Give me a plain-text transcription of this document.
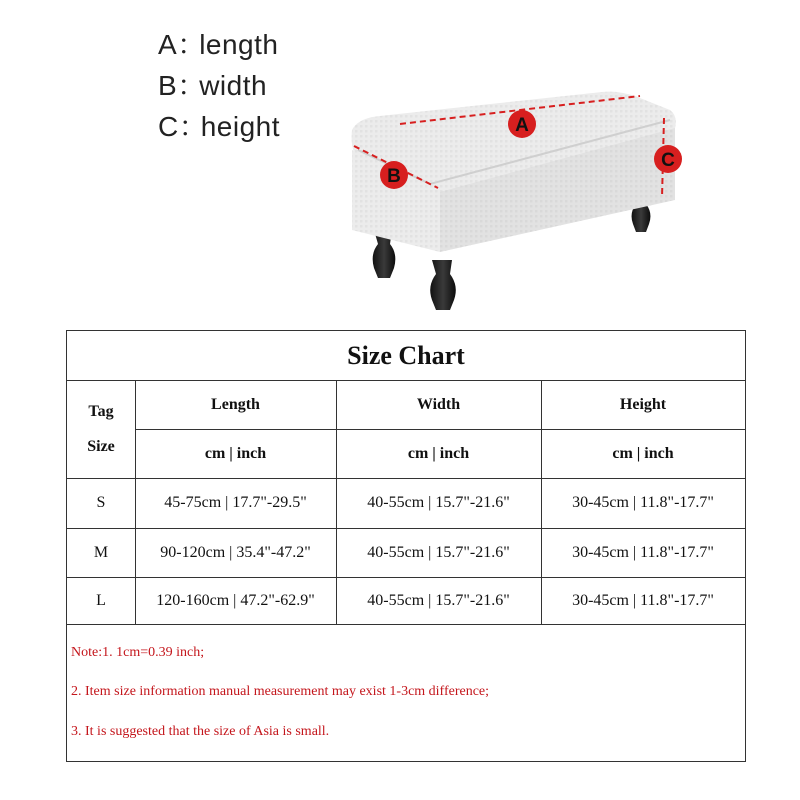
A：length
B：width
C：height	A
B
C
Size Chart
Tag
Size
Length	Width	Height
cm | inch	cm | inch	cm | inch
S	45-75cm | 17.7"-29.5"	40-55cm | 15.7"-21.6"	30-45cm | 11.8"-17.7"
M	90-120cm | 35.4"-47.2"	40-55cm | 15.7"-21.6"	30-45cm | 11.8"-17.7"
L	120-160cm | 47.2"-62.9"	40-55cm | 15.7"-21.6"	30-45cm | 11.8"-17.7"
Note:1. 1cm=0.39 inch;
2. Item size information manual measurement may exist 1-3cm difference;
3. It is suggested that the size of Asia is small.
